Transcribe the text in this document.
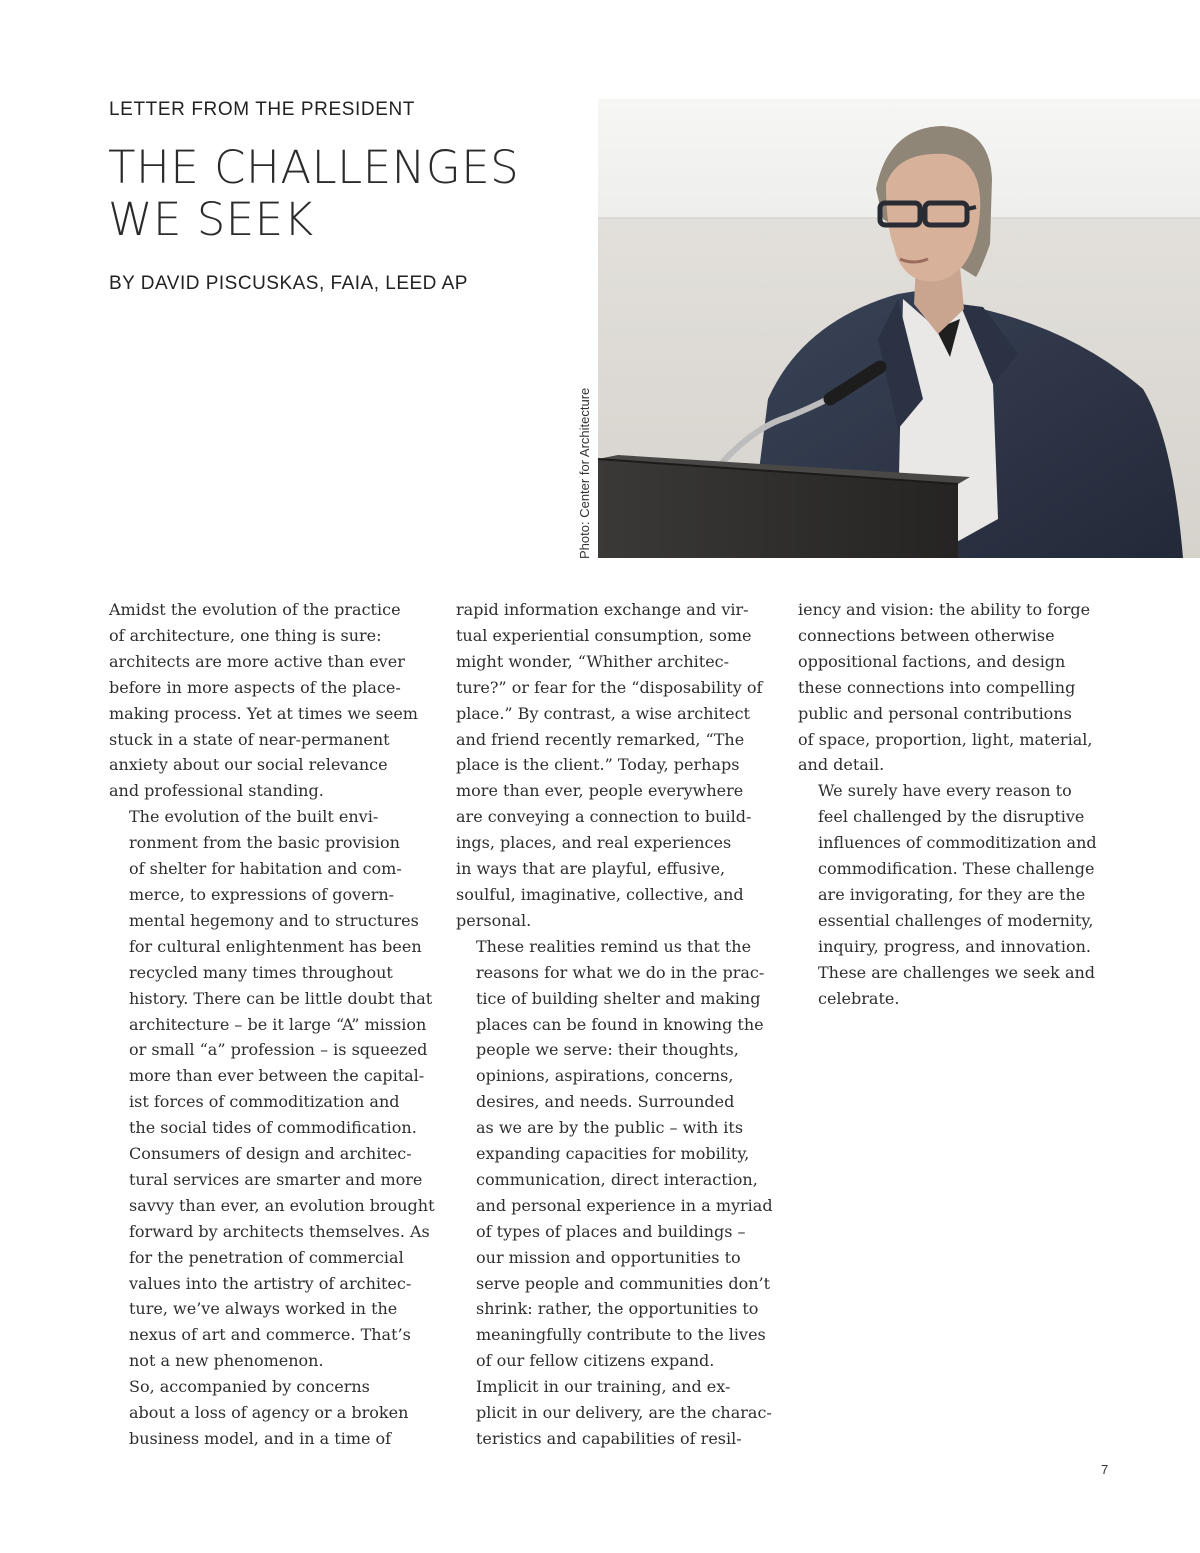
LETTER FROM THE PRESIDENT
THE CHALLENGES
WE SEEK
BY DAVID PISCUSKAS, FAIA, LEED AP
Photo: Center for Architecture

Amidst the evolution of the practice
of architecture, one thing is sure:
architects are more active than ever
before in more aspects of the place-
making process. Yet at times we seem
stuck in a state of near-permanent
anxiety about our social relevance
and professional standing.

The evolution of the built envi-
ronment from the basic provision
of shelter for habitation and com-
merce, to expressions of govern-
mental hegemony and to structures
for cultural enlightenment has been
recycled many times throughout
history. There can be little doubt that
architecture – be it large “A” mission
or small “a” profession – is squeezed
more than ever between the capital-
ist forces of commoditization and
the social tides of commodification.

Consumers of design and architec-
tural services are smarter and more
savvy than ever, an evolution brought
forward by architects themselves. As
for the penetration of commercial
values into the artistry of architec-
ture, we’ve always worked in the
nexus of art and commerce. That’s
not a new phenomenon.

So, accompanied by concerns
about a loss of agency or a broken
business model, and in a time of

rapid information exchange and vir-
tual experiential consumption, some
might wonder, “Whither architec-
ture?” or fear for the “disposability of
place.” By contrast, a wise architect
and friend recently remarked, “The
place is the client.” Today, perhaps
more than ever, people everywhere
are conveying a connection to build-
ings, places, and real experiences
in ways that are playful, effusive,
soulful, imaginative, collective, and
personal.

These realities remind us that the
reasons for what we do in the prac-
tice of building shelter and making
places can be found in knowing the
people we serve: their thoughts,
opinions, aspirations, concerns,
desires, and needs. Surrounded
as we are by the public – with its
expanding capacities for mobility,
communication, direct interaction,
and personal experience in a myriad
of types of places and buildings –
our mission and opportunities to
serve people and communities don’t
shrink: rather, the opportunities to
meaningfully contribute to the lives
of our fellow citizens expand.

Implicit in our training, and ex-
plicit in our delivery, are the charac-
teristics and capabilities of resil-

iency and vision: the ability to forge
connections between otherwise
oppositional factions, and design
these connections into compelling
public and personal contributions
of space, proportion, light, material,
and detail.

We surely have every reason to
feel challenged by the disruptive
influences of commoditization and
commodification. These challenge
are invigorating, for they are the
essential challenges of modernity,
inquiry, progress, and innovation.
These are challenges we seek and
celebrate.

7
